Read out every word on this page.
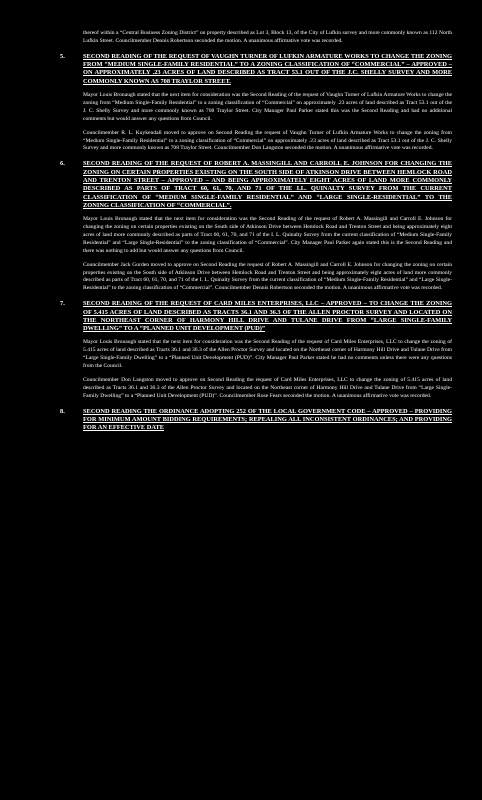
thereof within a “Central Business Zoning District” on property described as Lot 3, Block 13, of the City of Lufkin survey and more commonly known as 112 North Lufkin Street. Councilmember Dennis Robertson seconded the motion. A unanimous affirmative vote was recorded.

5.	SECOND READING OF THE REQUEST OF VAUGHN TURNER OF LUFKIN ARMATURE WORKS TO CHANGE THE ZONING FROM “MEDIUM SINGLE-FAMILY RESIDENTIAL” TO A ZONING CLASSIFICATION OF “COMMERCIAL” – APPROVED – ON APPROXIMATELY .23 ACRES OF LAND DESCRIBED AS TRACT 53.1 OUT OF THE J.C. SHELLY SURVEY AND MORE COMMONLY KNOWN AS 708 TRAYLOR STREET.

Mayor Louis Bronaugh stated that the next item for consideration was the Second Reading of the request of Vaughn Turner of Lufkin Armature Works to change the zoning from “Medium Single-Family Residential” to a zoning classification of “Commercial” on approximately .23 acres of land described as Tract 53.1 out of the J. C. Shelly Survey and more commonly known as 708 Traylor Street. City Manager Paul Parker stated this was the Second Reading and had no additional comments but would answer any questions from Council.

Councilmember R. L. Kuykendall moved to approve on Second Reading the request of Vaughn Turner of Lufkin Armature Works to change the zoning from “Medium Single-Family Residential” to a zoning classification of “Commercial” on approximately .23 acres of land described as Tract 53.1 out of the J. C. Shelly Survey and more commonly known as 708 Traylor Street. Councilmember Don Langston seconded the motion. A unanimous affirmative vote was recorded.

6.	SECOND READING OF THE REQUEST OF ROBERT A. MASSINGILL AND CARROLL E. JOHNSON FOR CHANGING THE ZONING ON CERTAIN PROPERTIES EXISTING ON THE SOUTH SIDE OF ATKINSON DRIVE BETWEEN HEMLOCK ROAD AND TRENTON STREET – APPROVED – AND BEING APPROXIMATELY EIGHT ACRES OF LAND MORE COMMONLY DESCRIBED AS PARTS OF TRACT 60, 61, 70, AND 71 OF THE I.L. QUINALTY SURVEY FROM THE CURRENT CLASSIFICATION OF “MEDIUM SINGLE-FAMILY RESIDENTIAL” AND “LARGE SINGLE-RESIDENTIAL” TO THE ZONING CLASSIFICATION OF “COMMERCIAL”.

Mayor Louis Bronaugh stated that the next item for consideration was the Second Reading of the request of Robert A. Massingill and Carroll E. Johnson for changing the zoning on certain properties existing on the South side of Atkinson Drive between Hemlock Road and Trenton Street and being approximately eight acres of land more commonly described as parts of Tract 60, 61, 70, and 71 of the I. L. Quinalty Survey from the current classification of “Medium Single-Family Residential” and “Large Single-Residential” to the zoning classification of “Commercial”. City Manager Paul Parker again stated this is the Second Reading and there was nothing to add but would answer any questions from Council.

Councilmember Jack Gorden moved to approve on Second Reading the request of Robert A. Massingill and Carroll E. Johnson for changing the zoning on certain properties existing on the South side of Atkinson Drive between Hemlock Road and Trenton Street and being approximately eight acres of land more commonly described as parts of Tract 60, 61, 70, and 71 of the I. L. Quinalty Survey from the current classification of “Medium Single-Family Residential” and “Large Single-Residential” to the zoning classification of “Commercial”. Councilmember Dennis Robertson seconded the motion. A unanimous affirmative vote was recorded.

7.	SECOND READING OF THE REQUEST OF CARD MILES ENTERPRISES, LLC – APPROVED – TO CHANGE THE ZONING OF 5.415 ACRES OF LAND DESCRIBED AS TRACTS 36.1 AND 36.3 OF THE ALLEN PROCTOR SURVEY AND LOCATED ON THE NORTHEAST CORNER OF HARMONY HILL DRIVE AND TULANE DRIVE FROM “LARGE SINGLE-FAMILY DWELLING” TO A “PLANNED UNIT DEVELOPMENT (PUD)”

Mayor Louis Bronaugh stated that the next item for consideration was the Second Reading of the request of Card Miles Enterprises, LLC to change the zoning of 5.415 acres of land described as Tracts 36.1 and 36.3 of the Allen Proctor Survey and located on the Northeast corner of Harmony Hill Drive and Tulane Drive from “Large Single-Family Dwelling” to a “Planned Unit Development (PUD)”. City Manager Paul Parker stated he had no comments unless there were any questions from the Council.

Councilmember Don Langston moved to approve on Second Reading the request of Card Miles Enterprises, LLC to change the zoning of 5.415 acres of land described as Tracts 36.1 and 36.3 of the Allen Proctor Survey and located on the Northeast corner of Harmony Hill Drive and Tulane Drive from “Large Single-Family Dwelling” to a “Planned Unit Development (PUD)”. Councilmember Rose Fears seconded the motion. A unanimous affirmative vote was recorded.

8.	SECOND READING THE ORDINANCE ADOPTING 252 OF THE LOCAL GOVERNMENT CODE – APPROVED – PROVIDING FOR MINIMUM AMOUNT BIDDING REQUIREMENTS; REPEALING ALL INCONSISTENT ORDINANCES; AND PROVIDING FOR AN EFFECTIVE DATE
